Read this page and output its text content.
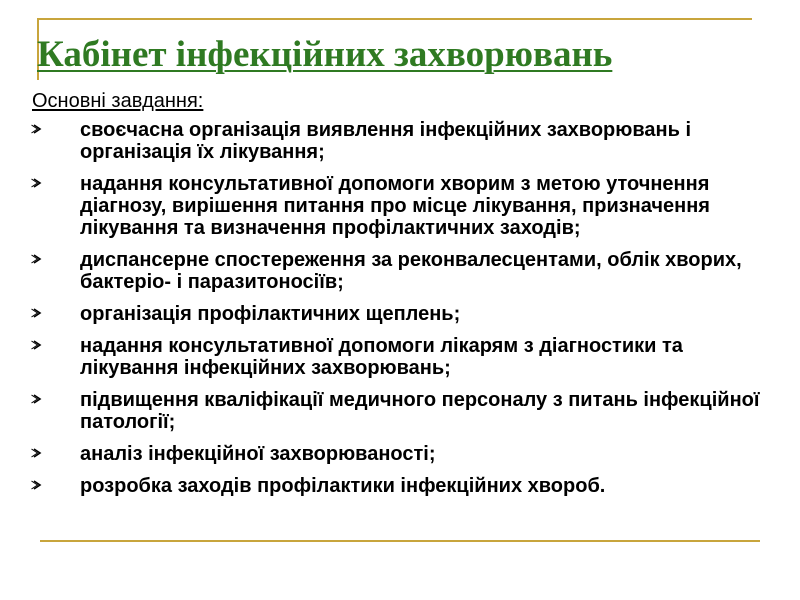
Кабінет інфекційних захворювань

Основні завдання:

своєчасна організація виявлення інфекційних захворювань і організація їх лікування;
надання консультативної допомоги хворим з метою уточнення діагнозу, вирішення питання про місце лікування, призначення лікування та визначення профілактичних заходів;
диспансерне спостереження за реконвалесцентами, облік хворих, бактеріо- і паразитоносіїв;
організація профілактичних щеплень;
надання консультативної допомоги лікарям з діагностики та лікування інфекційних захворювань;
підвищення кваліфікації медичного персоналу з питань інфекційної патології;
аналіз інфекційної захворюваності;
розробка заходів профілактики інфекційних хвороб.
